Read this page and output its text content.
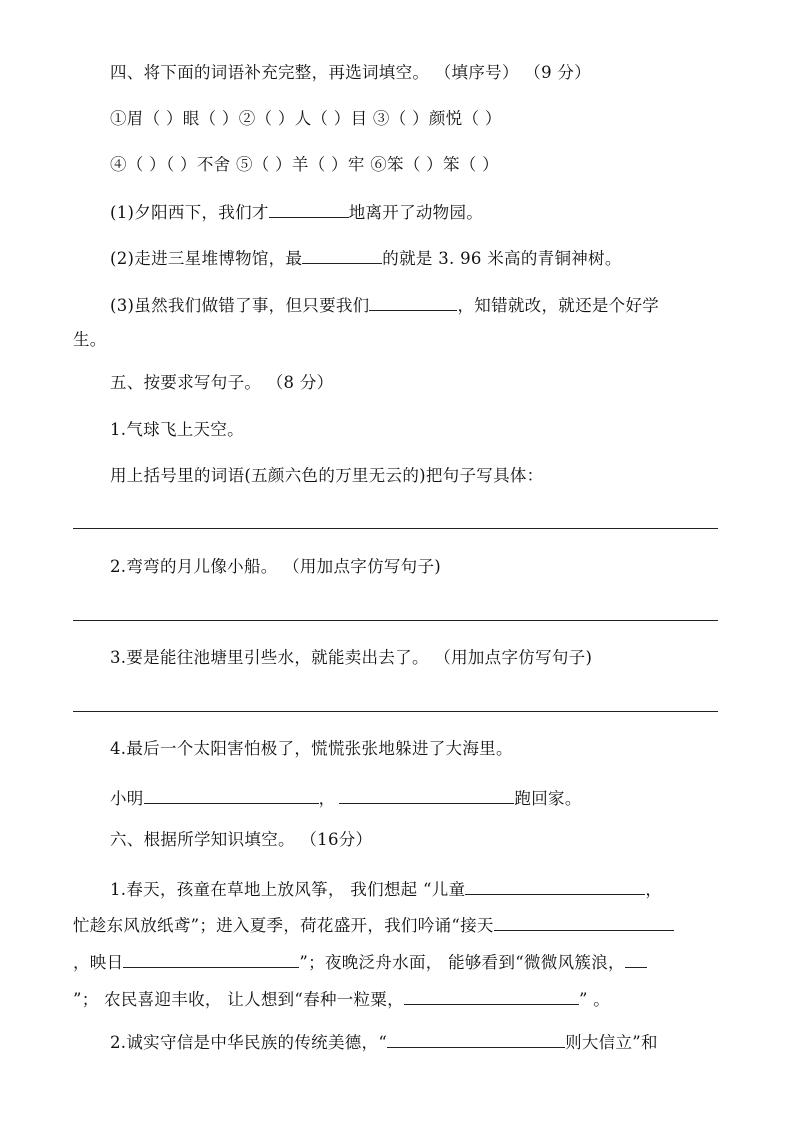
四、将下面的词语补充完整，再选词填空。 （填序号） （9 分）
①眉（ ）眼（ ）②（ ）人（ ）目 ③（ ）颜悦（ ）
④（ ）（ ）不舍 ⑤（ ）羊（ ）牢 ⑥笨（ ）笨（ ）
(1)夕阳西下，我们才	地离开了动物园。
(2)走进三星堆博物馆，最	的就是 3. 96 米高的青铜神树。
(3)虽然我们做错了事，但只要我们	，知错就改，就还是个好学
生。
五、按要求写句子。 （8 分）
1.气球飞上天空。
用上括号里的词语(五颜六色的万里无云的)把句子写具体：
2.弯弯的月儿像小船。 （用加点字仿写句子)
3.要是能往池塘里引些水，就能卖出去了。 （用加点字仿写句子)
4.最后一个太阳害怕极了，慌慌张张地躲进了大海里。
小明	，	跑回家。
六、根据所学知识填空。 （16分）
1.春天，孩童在草地上放风筝， 我们想起 “儿童	，
忙趁东风放纸鸢”；进入夏季，荷花盛开，我们吟诵“接天
，映日	”；夜晚泛舟水面， 能够看到“微微风簇浪，
”； 农民喜迎丰收， 让人想到“春种一粒粟，	” 。
2.诚实守信是中华民族的传统美德，“	则大信立”和
